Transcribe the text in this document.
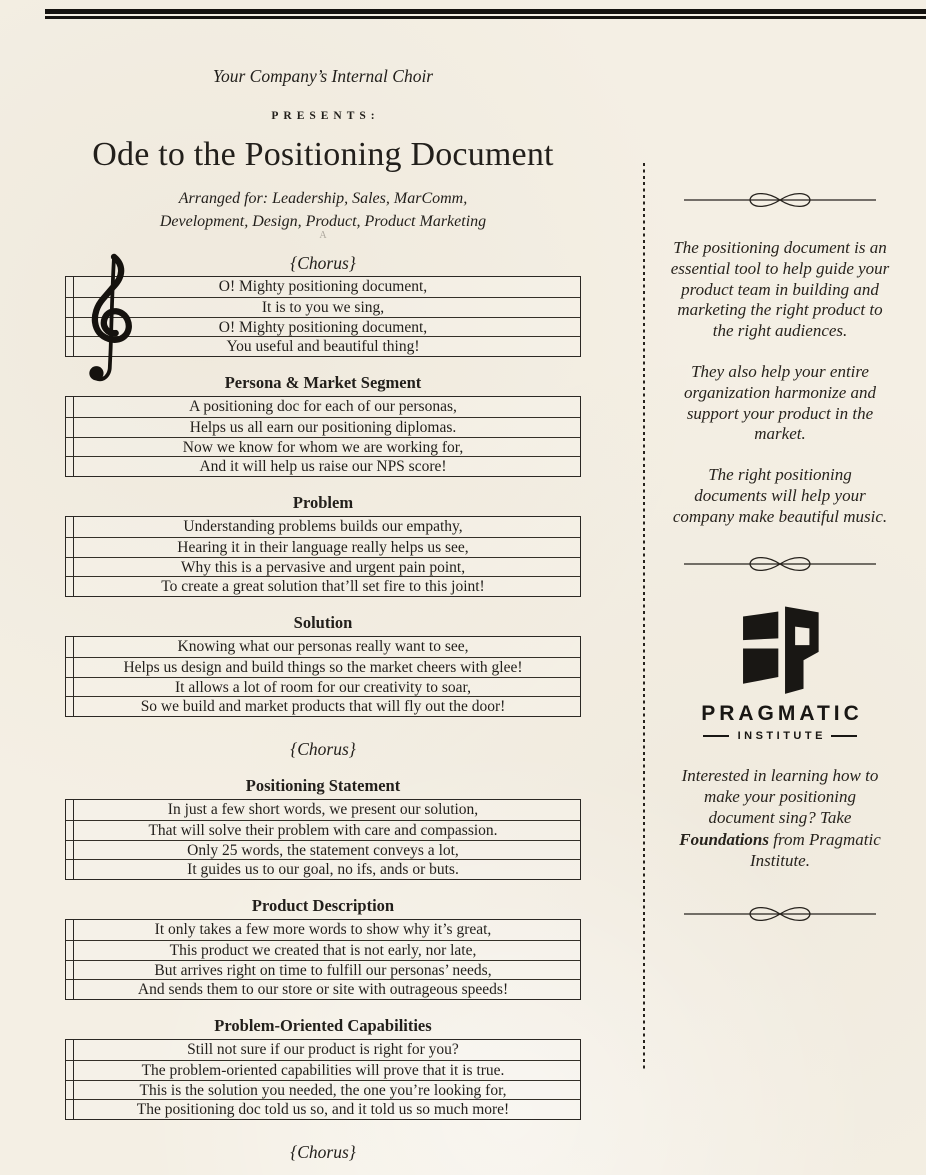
Your Company’s Internal Choir
PRESENTS:
Ode to the Positioning Document
Arranged for: Leadership, Sales, MarComm,
Development, Design, Product, Product Marketing
A
{Chorus}
O! Mighty positioning document,
It is to you we sing,
O! Mighty positioning document,
You useful and beautiful thing!
Persona & Market Segment
A positioning doc for each of our personas,
Helps us all earn our positioning diplomas.
Now we know for whom we are working for,
And it will help us raise our NPS score!
Problem
Understanding problems builds our empathy,
Hearing it in their language really helps us see,
Why this is a pervasive and urgent pain point,
To create a great solution that’ll set fire to this joint!
Solution
Knowing what our personas really want to see,
Helps us design and build things so the market cheers with glee!
It allows a lot of room for our creativity to soar,
So we build and market products that will fly out the door!
{Chorus}
Positioning Statement
In just a few short words, we present our solution,
That will solve their problem with care and compassion.
Only 25 words, the statement conveys a lot,
It guides us to our goal, no ifs, ands or buts.
Product Description
It only takes a few more words to show why it’s great,
This product we created that is not early, nor late,
But arrives right on time to fulfill our personas’ needs,
And sends them to our store or site with outrageous speeds!
Problem-Oriented Capabilities
Still not sure if our product is right for you?
The problem-oriented capabilities will prove that it is true.
This is the solution you needed, the one you’re looking for,
The positioning doc told us so, and it told us so much more!
{Chorus}
The positioning document is an essential tool to help guide your product team in building and marketing the right product to the right audiences.
They also help your entire organization harmonize and support your product in the market.
The right positioning documents will help your company make beautiful music.
PRAGMATIC
INSTITUTE
Interested in learning how to make your positioning document sing? Take Foundations from Pragmatic Institute.
